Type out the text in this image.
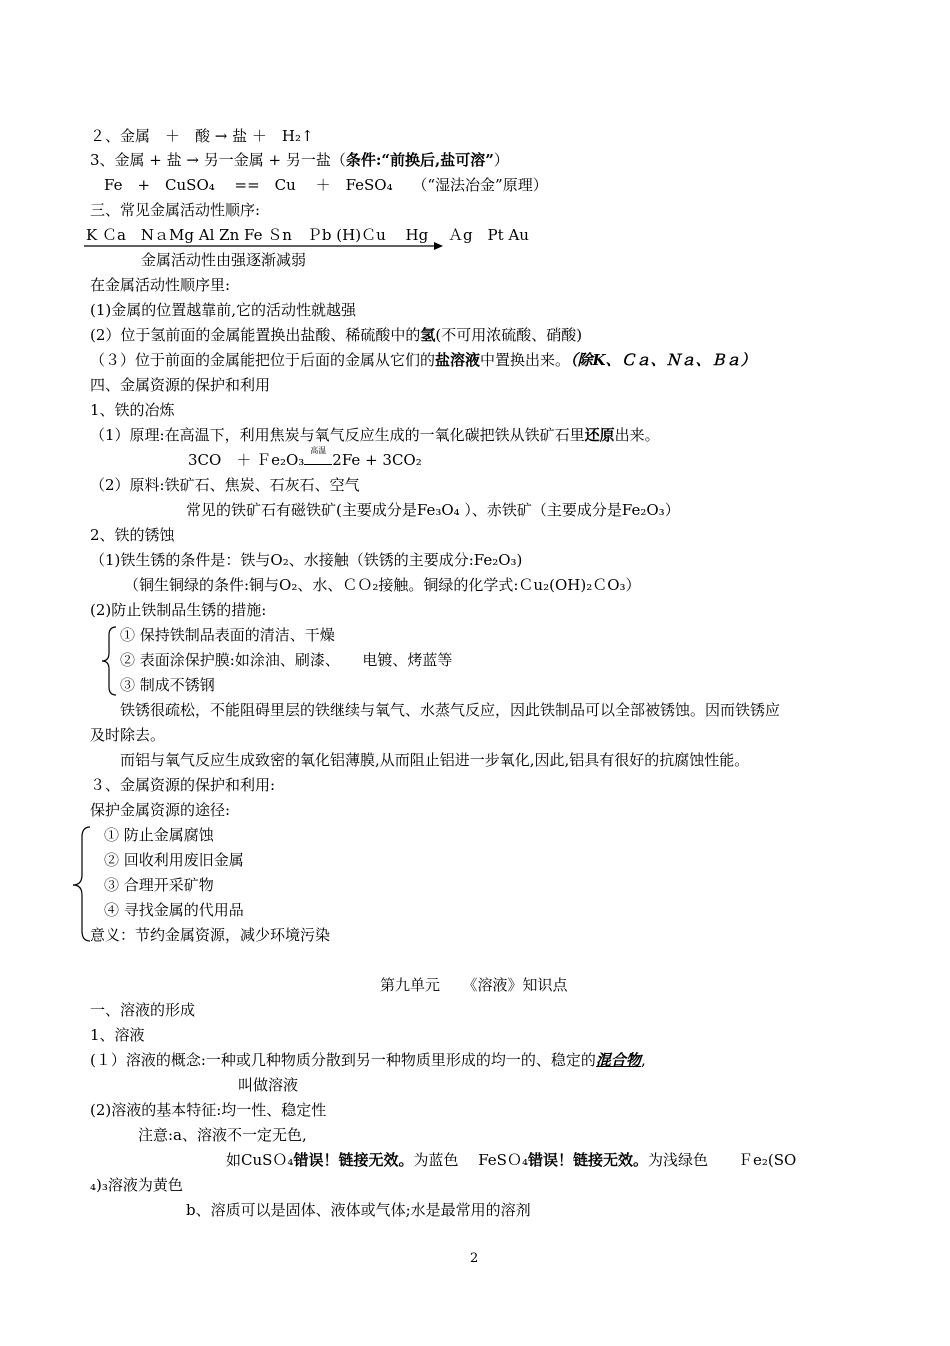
２、金属　＋　酸 → 盐 ＋　H₂↑
3、金属 + 盐 → 另一金属 + 另一盐（条件:“前换后,盐可溶”）
Fe　+　CuSO₄　 ==　Cu　 ＋　FeSO₄　 （“湿法冶金”原理）
三、常见金属活动性顺序:
K Ｃa　NａMg Al Zn Fe Ｓn　Ｐb (H)Ｃu　 Hg　 Ａg　Pt Au
金属活动性由强逐渐减弱
在金属活动性顺序里:
(1)金属的位置越靠前,它的活动性就越强
(2）位于氢前面的金属能置换出盐酸、稀硫酸中的氢(不可用浓硫酸、硝酸)
（３）位于前面的金属能把位于后面的金属从它们的盐溶液中置换出来。（除K、Ｃａ、Ｎａ、Ｂａ）
四、金属资源的保护和利用
1、铁的冶炼
（1）原理:在高温下，利用焦炭与氧气反应生成的一氧化碳把铁从铁矿石里还原出来。
3CO　＋ Ｆe₂O₃
高温
2Fe + 3CO₂
（2）原料:铁矿石、焦炭、石灰石、空气
常见的铁矿石有磁铁矿(主要成分是Fe₃O₄ ）、赤铁矿（主要成分是Fe₂O₃）
2、铁的锈蚀
（1)铁生锈的条件是：铁与O₂、水接触（铁锈的主要成分:Fe₂O₃)
（铜生铜绿的条件:铜与O₂、水、ＣＯ₂接触。铜绿的化学式:Ｃu₂(OH)₂ＣO₃）
(2)防止铁制品生锈的措施:
① 保持铁制品表面的清洁、干燥
② 表面涂保护膜:如涂油、刷漆、　　电镀、烤蓝等
③ 制成不锈钢
铁锈很疏松，不能阻碍里层的铁继续与氧气、水蒸气反应，因此铁制品可以全部被锈蚀。因而铁锈应
及时除去。
而铝与氧气反应生成致密的氧化铝薄膜,从而阻止铝进一步氧化,因此,铝具有很好的抗腐蚀性能。
３、金属资源的保护和利用:
保护金属资源的途径:
① 防止金属腐蚀
② 回收利用废旧金属
③ 合理开采矿物
④ 寻找金属的代用品
意义：节约金属资源，减少环境污染
第九单元　　《溶液》知识点
一、溶液的形成
1、溶液
(１）溶液的概念:一种或几种物质分散到另一种物质里形成的均一的、稳定的混合物,
叫做溶液
(2)溶液的基本特征:均一性、稳定性
注意:a、溶液不一定无色,
如CuSＯ₄错误！链接无效。为蓝色　 FeSＯ₄错误！链接无效。为浅绿色　　Ｆe₂(SO
₄)₃溶液为黄色
b、溶质可以是固体、液体或气体;水是最常用的溶剂
2
